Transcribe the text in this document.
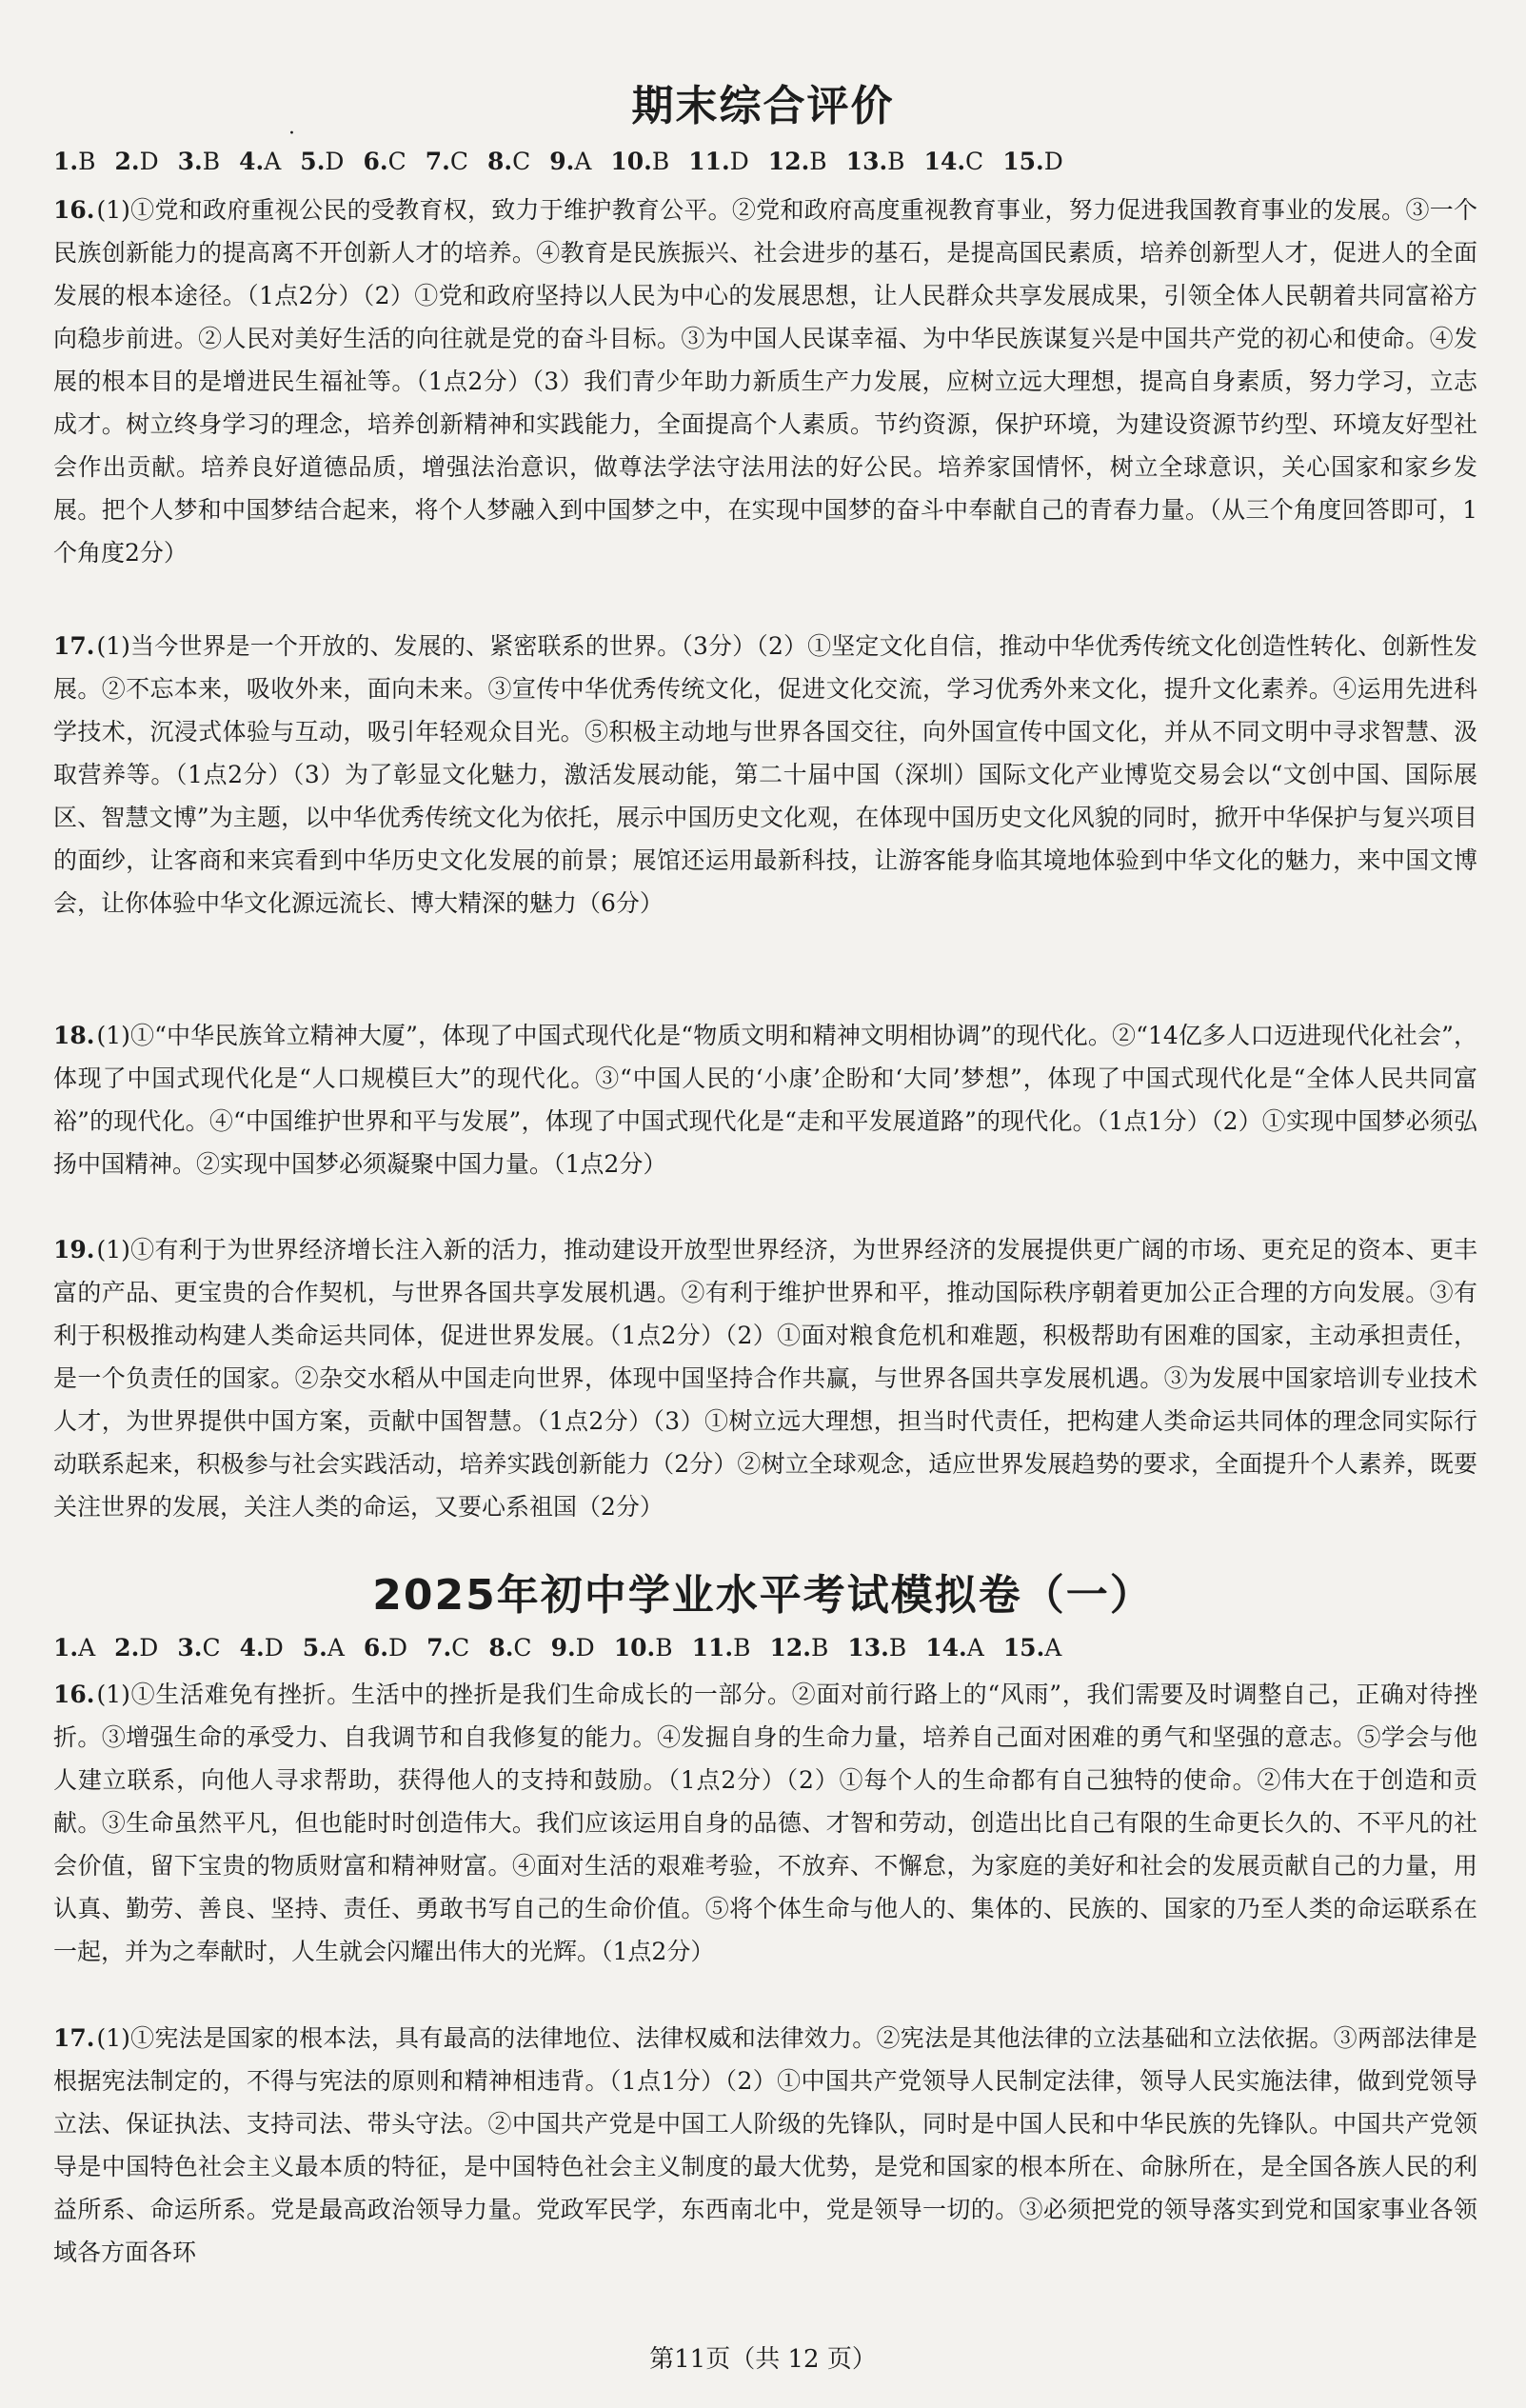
·
期末综合评价
1.B 2.D 3.B 4.A 5.D 6.C 7.C 8.C 9.A 10.B 11.D 12.B 13.B 14.C 15.D
16.(1)①党和政府重视公民的受教育权，致力于维护教育公平。②党和政府高度重视教育事业，努力促进我国教育事业的发展。③一个民族创新能力的提高离不开创新人才的培养。④教育是民族振兴、社会进步的基石，是提高国民素质，培养创新型人才，促进人的全面发展的根本途径。（1点2分）（2）①党和政府坚持以人民为中心的发展思想，让人民群众共享发展成果，引领全体人民朝着共同富裕方向稳步前进。②人民对美好生活的向往就是党的奋斗目标。③为中国人民谋幸福、为中华民族谋复兴是中国共产党的初心和使命。④发展的根本目的是增进民生福祉等。（1点2分）（3）我们青少年助力新质生产力发展，应树立远大理想，提高自身素质，努力学习，立志成才。树立终身学习的理念，培养创新精神和实践能力，全面提高个人素质。节约资源，保护环境，为建设资源节约型、环境友好型社会作出贡献。培养良好道德品质，增强法治意识，做尊法学法守法用法的好公民。培养家国情怀，树立全球意识，关心国家和家乡发展。把个人梦和中国梦结合起来，将个人梦融入到中国梦之中，在实现中国梦的奋斗中奉献自己的青春力量。（从三个角度回答即可，1个角度2分）
17.(1)当今世界是一个开放的、发展的、紧密联系的世界。（3分）（2）①坚定文化自信，推动中华优秀传统文化创造性转化、创新性发展。②不忘本来，吸收外来，面向未来。③宣传中华优秀传统文化，促进文化交流，学习优秀外来文化，提升文化素养。④运用先进科学技术，沉浸式体验与互动，吸引年轻观众目光。⑤积极主动地与世界各国交往，向外国宣传中国文化，并从不同文明中寻求智慧、汲取营养等。（1点2分）（3）为了彰显文化魅力，激活发展动能，第二十届中国（深圳）国际文化产业博览交易会以“文创中国、国际展区、智慧文博”为主题，以中华优秀传统文化为依托，展示中国历史文化观，在体现中国历史文化风貌的同时，掀开中华保护与复兴项目的面纱，让客商和来宾看到中华历史文化发展的前景；展馆还运用最新科技，让游客能身临其境地体验到中华文化的魅力，来中国文博会，让你体验中华文化源远流长、博大精深的魅力（6分）
18.(1)①“中华民族耸立精神大厦”，体现了中国式现代化是“物质文明和精神文明相协调”的现代化。②“14亿多人口迈进现代化社会”，体现了中国式现代化是“人口规模巨大”的现代化。③“中国人民的‘小康’企盼和‘大同’梦想”，体现了中国式现代化是“全体人民共同富裕”的现代化。④“中国维护世界和平与发展”，体现了中国式现代化是“走和平发展道路”的现代化。（1点1分）（2）①实现中国梦必须弘扬中国精神。②实现中国梦必须凝聚中国力量。（1点2分）
19.(1)①有利于为世界经济增长注入新的活力，推动建设开放型世界经济，为世界经济的发展提供更广阔的市场、更充足的资本、更丰富的产品、更宝贵的合作契机，与世界各国共享发展机遇。②有利于维护世界和平，推动国际秩序朝着更加公正合理的方向发展。③有利于积极推动构建人类命运共同体，促进世界发展。（1点2分）（2）①面对粮食危机和难题，积极帮助有困难的国家，主动承担责任，是一个负责任的国家。②杂交水稻从中国走向世界，体现中国坚持合作共赢，与世界各国共享发展机遇。③为发展中国家培训专业技术人才，为世界提供中国方案，贡献中国智慧。（1点2分）（3）①树立远大理想，担当时代责任，把构建人类命运共同体的理念同实际行动联系起来，积极参与社会实践活动，培养实践创新能力（2分）②树立全球观念，适应世界发展趋势的要求，全面提升个人素养，既要关注世界的发展，关注人类的命运，又要心系祖国（2分）
2025年初中学业水平考试模拟卷（一）
1.A 2.D 3.C 4.D 5.A 6.D 7.C 8.C 9.D 10.B 11.B 12.B 13.B 14.A 15.A
16.(1)①生活难免有挫折。生活中的挫折是我们生命成长的一部分。②面对前行路上的“风雨”，我们需要及时调整自己，正确对待挫折。③增强生命的承受力、自我调节和自我修复的能力。④发掘自身的生命力量，培养自己面对困难的勇气和坚强的意志。⑤学会与他人建立联系，向他人寻求帮助，获得他人的支持和鼓励。（1点2分）（2）①每个人的生命都有自己独特的使命。②伟大在于创造和贡献。③生命虽然平凡，但也能时时创造伟大。我们应该运用自身的品德、才智和劳动，创造出比自己有限的生命更长久的、不平凡的社会价值，留下宝贵的物质财富和精神财富。④面对生活的艰难考验，不放弃、不懈怠，为家庭的美好和社会的发展贡献自己的力量，用认真、勤劳、善良、坚持、责任、勇敢书写自己的生命价值。⑤将个体生命与他人的、集体的、民族的、国家的乃至人类的命运联系在一起，并为之奉献时，人生就会闪耀出伟大的光辉。（1点2分）
17.(1)①宪法是国家的根本法，具有最高的法律地位、法律权威和法律效力。②宪法是其他法律的立法基础和立法依据。③两部法律是根据宪法制定的，不得与宪法的原则和精神相违背。（1点1分）（2）①中国共产党领导人民制定法律，领导人民实施法律，做到党领导立法、保证执法、支持司法、带头守法。②中国共产党是中国工人阶级的先锋队，同时是中国人民和中华民族的先锋队。中国共产党领导是中国特色社会主义最本质的特征，是中国特色社会主义制度的最大优势，是党和国家的根本所在、命脉所在，是全国各族人民的利益所系、命运所系。党是最高政治领导力量。党政军民学，东西南北中，党是领导一切的。③必须把党的领导落实到党和国家事业各领域各方面各环
第11页（共 12 页）
